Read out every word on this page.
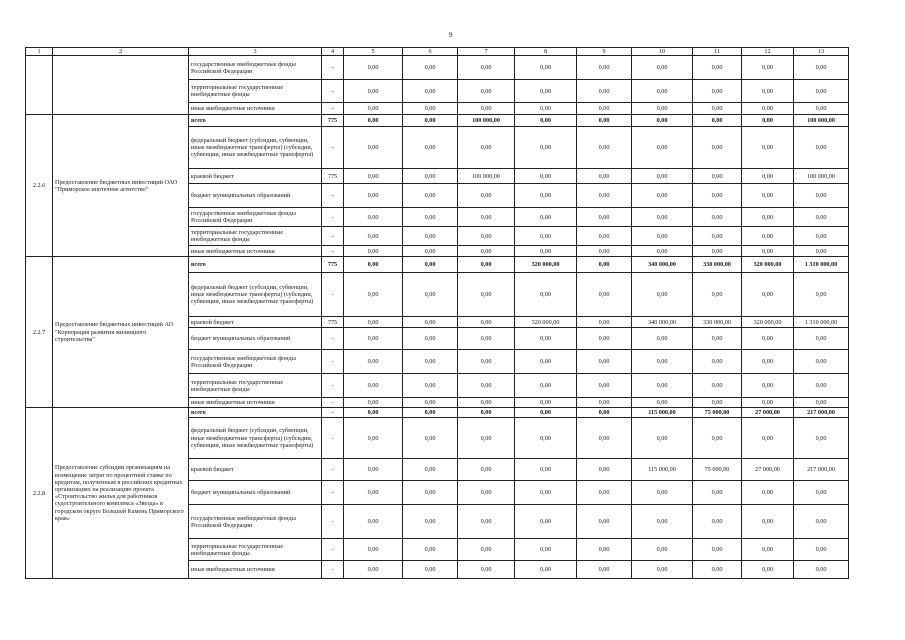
9
1	2	3	4	5	6	7	8	9	10	11	12	13
		государственные внебюджетные фонды Российской Федерации	-	0,00	0,00	0,00	0,00	0,00	0,00	0,00	0,00	0,00
		территориальные государственные внебюджетные фонды	-	0,00	0,00	0,00	0,00	0,00	0,00	0,00	0,00	0,00
		иные внебюджетные источники	-	0,00	0,00	0,00	0,00	0,00	0,00	0,00	0,00	0,00
2.2.6	Предоставление бюджетных инвестиций ОАО "Приморское ипотечное агентство"	всего	775	0,00	0,00	100 000,00	0,00	0,00	0,00	0,00	0,00	100 000,00
		федеральный бюджет (субсидии, субвенции, иные межбюджетные трансферты) (субсидии, субвенции, иные межбюджетные трансферты)	-	0,00	0,00	0,00	0,00	0,00	0,00	0,00	0,00	0,00
		краевой бюджет	775	0,00	0,00	100 000,00	0,00	0,00	0,00	0,00	0,00	100 000,00
		бюджет муниципальных образований	-	0,00	0,00	0,00	0,00	0,00	0,00	0,00	0,00	0,00
		государственные внебюджетные фонды Российской Федерации	-	0,00	0,00	0,00	0,00	0,00	0,00	0,00	0,00	0,00
		территориальные государственные внебюджетные фонды	-	0,00	0,00	0,00	0,00	0,00	0,00	0,00	0,00	0,00
		иные внебюджетные источники	-	0,00	0,00	0,00	0,00	0,00	0,00	0,00	0,00	0,00
2.2.7	Предоставление бюджетных инвестиций АО "Корпорация развития жилищного строительства"	всего	775	0,00	0,00	0,00	320 000,00	0,00	340 000,00	330 000,00	320 000,00	1 310 000,00
		федеральный бюджет (субсидии, субвенции, иные межбюджетные трансферты) (субсидии, субвенции, иные межбюджетные трансферты)	-	0,00	0,00	0,00	0,00	0,00	0,00	0,00	0,00	0,00
		краевой бюджет	775	0,00	0,00	0,00	320 000,00	0,00	340 000,00	330 000,00	320 000,00	1 310 000,00
		бюджет муниципальных образований	-	0,00	0,00	0,00	0,00	0,00	0,00	0,00	0,00	0,00
		государственные внебюджетные фонды Российской Федерации	-	0,00	0,00	0,00	0,00	0,00	0,00	0,00	0,00	0,00
		территориальные государственные внебюджетные фонды	-	0,00	0,00	0,00	0,00	0,00	0,00	0,00	0,00	0,00
		иные внебюджетные источники	-	0,00	0,00	0,00	0,00	0,00	0,00	0,00	0,00	0,00
2.2.8	Предоставление субсидии организациям на возмещение затрат по процентной ставке по кредитам, полученным в российских кредитных организациях на реализацию проекта «Строительство жилья для работников судостроительного комплекса «Звезда» в городском округе Большой Камень Приморского края»	всего	-	0,00	0,00	0,00	0,00	0,00	115 000,00	75 000,00	27 000,00	217 000,00
		федеральный бюджет (субсидии, субвенции, иные межбюджетные трансферты) (субсидии, субвенции, иные межбюджетные трансферты)	-	0,00	0,00	0,00	0,00	0,00	0,00	0,00	0,00	0,00
		краевой бюджет	-	0,00	0,00	0,00	0,00	0,00	115 000,00	75 000,00	27 000,00	217 000,00
		бюджет муниципальных образований	-	0,00	0,00	0,00	0,00	0,00	0,00	0,00	0,00	0,00
		государственные внебюджетные фонды Российской Федерации	-	0,00	0,00	0,00	0,00	0,00	0,00	0,00	0,00	0,00
		территориальные государственные внебюджетные фонды	-	0,00	0,00	0,00	0,00	0,00	0,00	0,00	0,00	0,00
		иные внебюджетные источники	-	0,00	0,00	0,00	0,00	0,00	0,00	0,00	0,00	0,00
